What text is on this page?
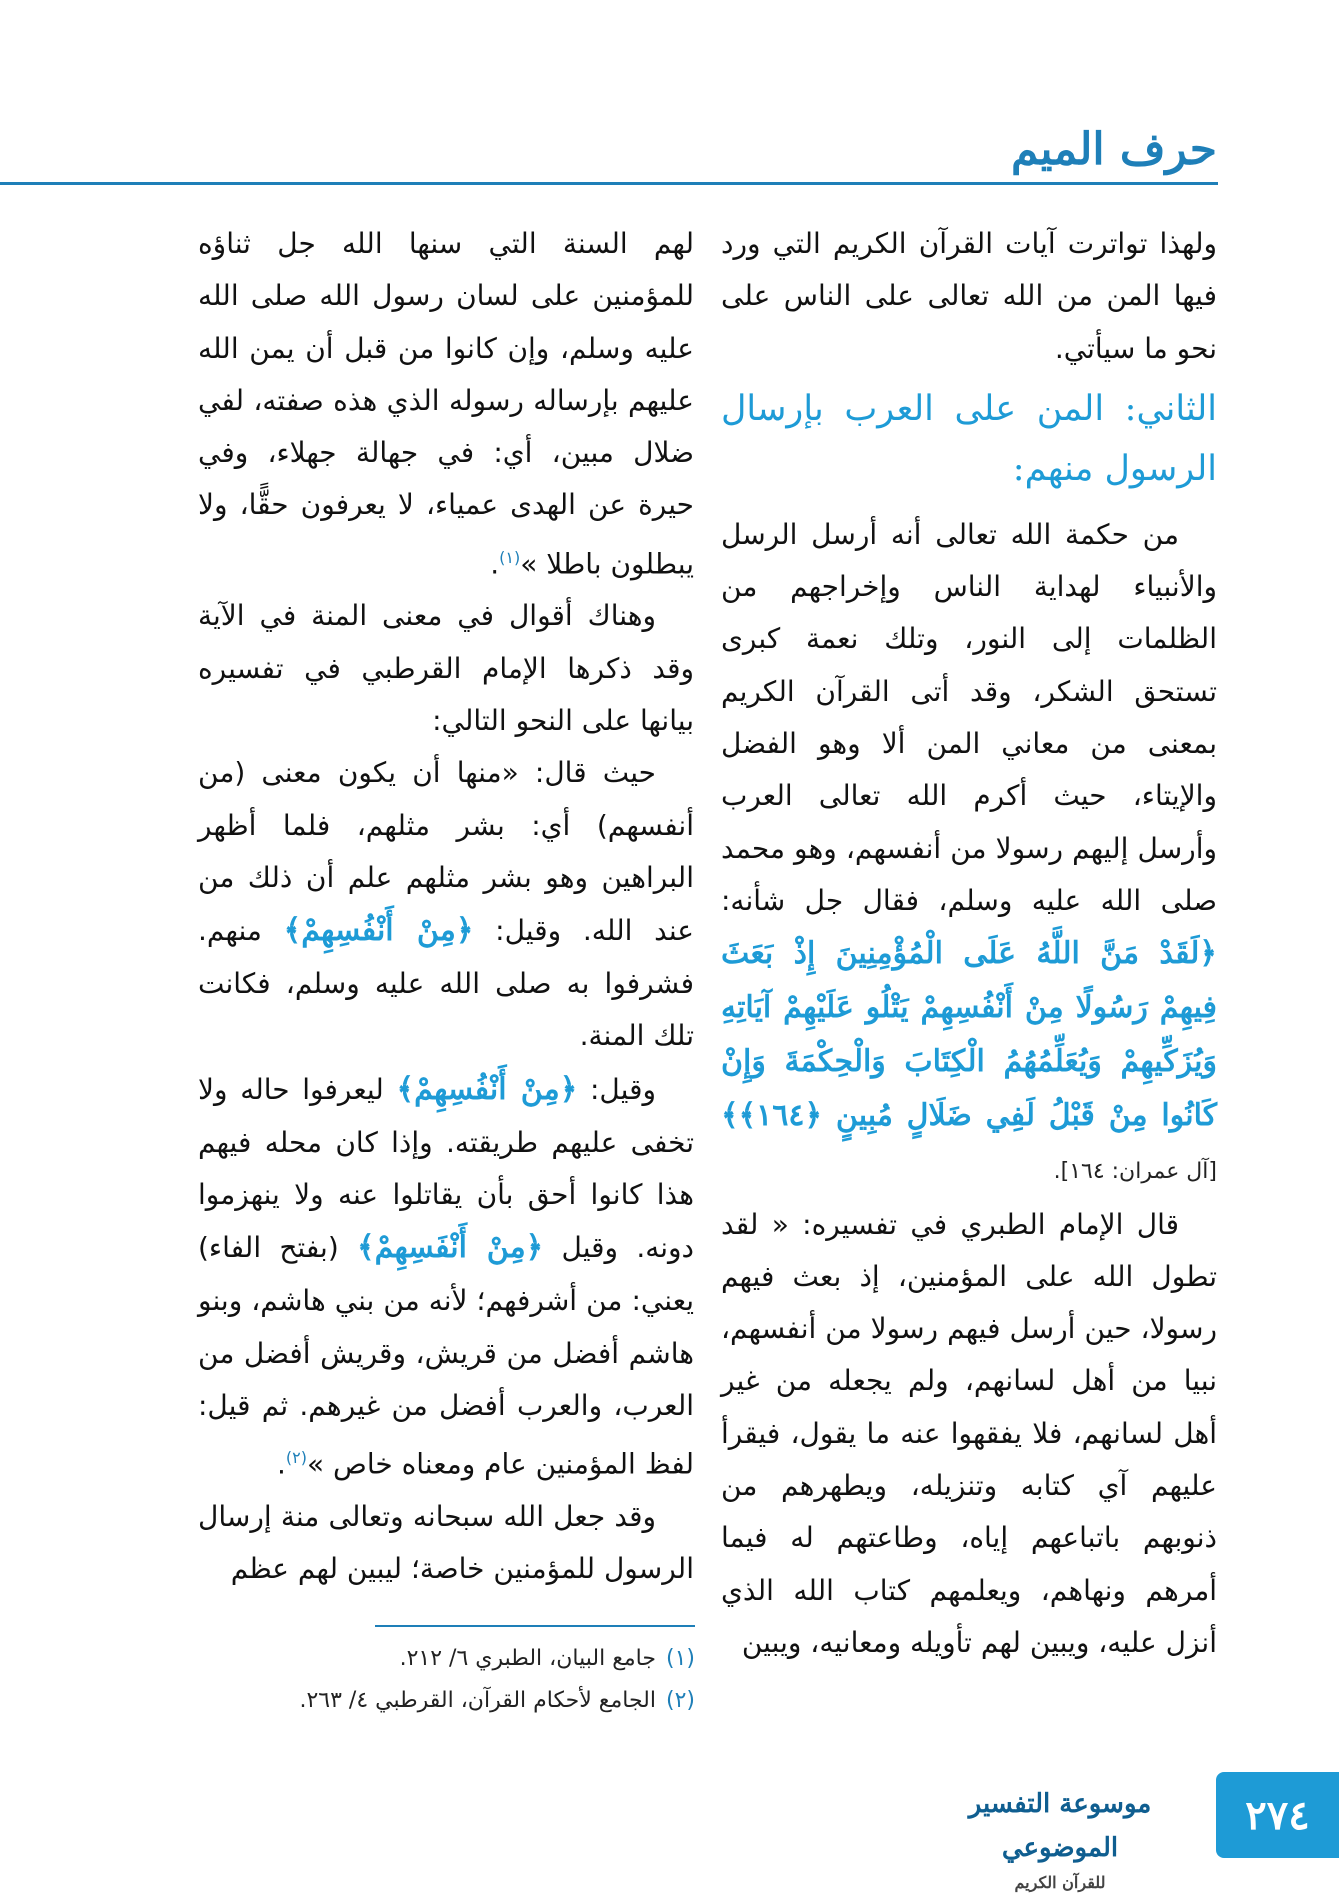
حرف الميم

ولهذا تواترت آيات القرآن الكريم التي ورد فيها المن من الله تعالى على الناس على نحو ما سيأتي.

الثاني: المن على العرب بإرسال الرسول منهم:

من حكمة الله تعالى أنه أرسل الرسل والأنبياء لهداية الناس وإخراجهم من الظلمات إلى النور، وتلك نعمة كبرى تستحق الشكر، وقد أتى القرآن الكريم بمعنى من معاني المن ألا وهو الفضل والإيتاء، حيث أكرم الله تعالى العرب وأرسل إليهم رسولا من أنفسهم، وهو محمد صلى الله عليه وسلم، فقال جل شأنه: ﴿لَقَدْ مَنَّ اللَّهُ عَلَى الْمُؤْمِنِينَ إِذْ بَعَثَ فِيهِمْ رَسُولًا مِنْ أَنْفُسِهِمْ يَتْلُو عَلَيْهِمْ آيَاتِهِ وَيُزَكِّيهِمْ وَيُعَلِّمُهُمُ الْكِتَابَ وَالْحِكْمَةَ وَإِنْ كَانُوا مِنْ قَبْلُ لَفِي ضَلَالٍ مُبِينٍ ﴿١٦٤﴾﴾ [آل عمران: ١٦٤].

قال الإمام الطبري في تفسيره: « لقد تطول الله على المؤمنين، إذ بعث فيهم رسولا، حين أرسل فيهم رسولا من أنفسهم، نبيا من أهل لسانهم، ولم يجعله من غير أهل لسانهم، فلا يفقهوا عنه ما يقول، فيقرأ عليهم آي كتابه وتنزيله، ويطهرهم من ذنوبهم باتباعهم إياه، وطاعتهم له فيما أمرهم ونهاهم، ويعلمهم كتاب الله الذي أنزل عليه، ويبين لهم تأويله ومعانيه، ويبين

لهم السنة التي سنها الله جل ثناؤه للمؤمنين على لسان رسول الله صلى الله عليه وسلم، وإن كانوا من قبل أن يمن الله عليهم بإرساله رسوله الذي هذه صفته، لفي ضلال مبين، أي: في جهالة جهلاء، وفي حيرة عن الهدى عمياء، لا يعرفون حقًّا، ولا يبطلون باطلا »$^{(١)}$.

وهناك أقوال في معنى المنة في الآية وقد ذكرها الإمام القرطبي في تفسيره بيانها على النحو التالي:

حيث قال: «منها أن يكون معنى (من أنفسهم) أي: بشر مثلهم، فلما أظهر البراهين وهو بشر مثلهم علم أن ذلك من عند الله. وقيل: ﴿مِنْ أَنْفُسِهِمْ﴾ منهم. فشرفوا به صلى الله عليه وسلم، فكانت تلك المنة.

وقيل: ﴿مِنْ أَنْفُسِهِمْ﴾ ليعرفوا حاله ولا تخفى عليهم طريقته. وإذا كان محله فيهم هذا كانوا أحق بأن يقاتلوا عنه ولا ينهزموا دونه. وقيل ﴿مِنْ أَنْفَسِهِمْ﴾ (بفتح الفاء) يعني: من أشرفهم؛ لأنه من بني هاشم، وبنو هاشم أفضل من قريش، وقريش أفضل من العرب، والعرب أفضل من غيرهم. ثم قيل: لفظ المؤمنين عام ومعناه خاص »$^{(٢)}$.

وقد جعل الله سبحانه وتعالى منة إرسال الرسول للمؤمنين خاصة؛ ليبين لهم عظم

(١)جامع البيان، الطبري ٦/ ٢١٢.

(٢)الجامع لأحكام القرآن، القرطبي ٤/ ٢٦٣.

موسوعة التفسير الموضوعي
للقرآن الكريم
٢٧٤
